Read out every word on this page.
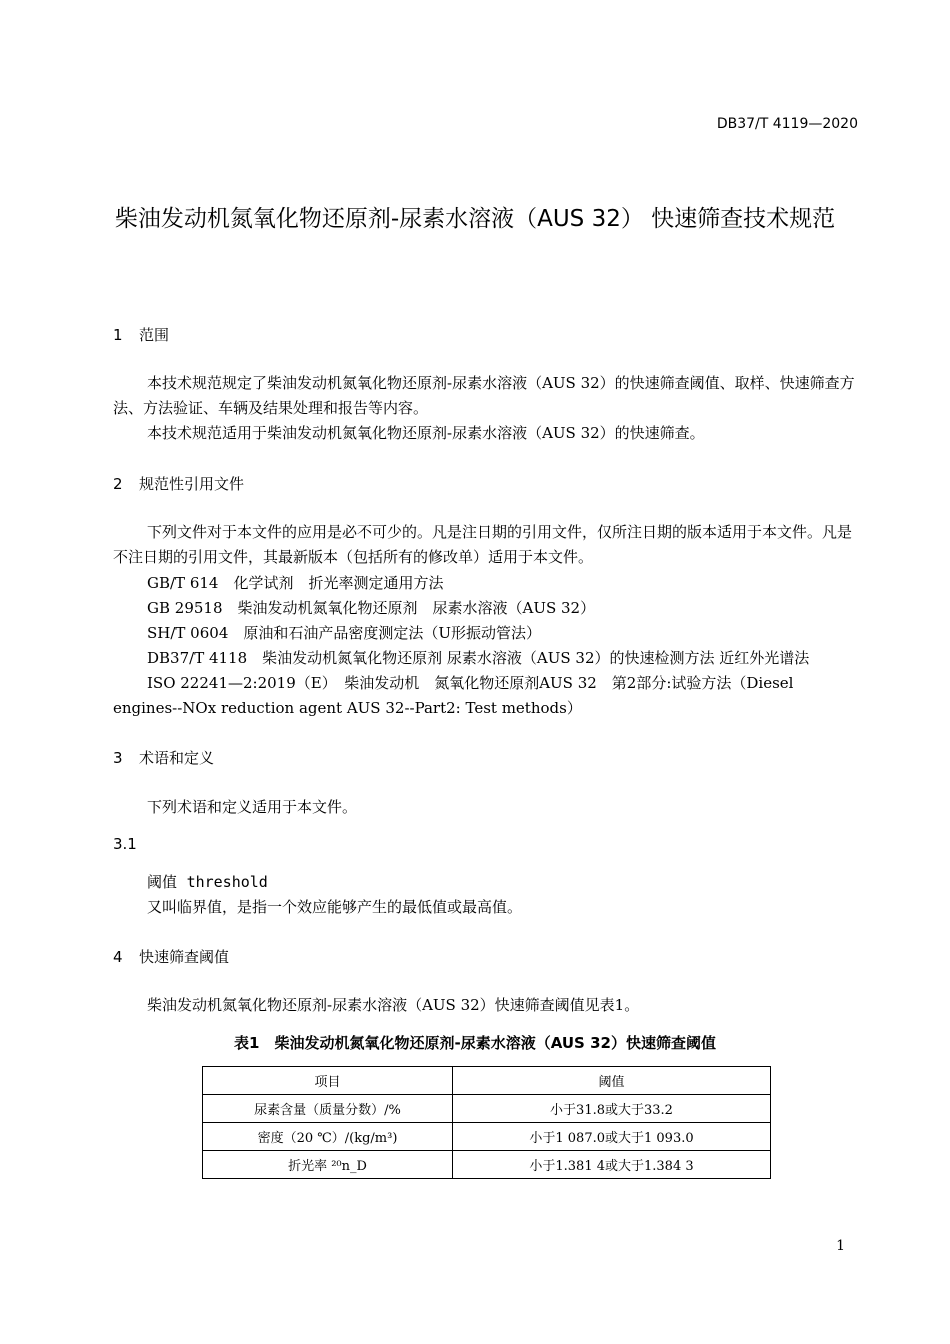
DB37/T 4119—2020
柴油发动机氮氧化物还原剂-尿素水溶液（AUS 32） 快速筛查技术规范
1 范围
本技术规范规定了柴油发动机氮氧化物还原剂-尿素水溶液（AUS 32）的快速筛查阈值、取样、快速筛查方法、方法验证、车辆及结果处理和报告等内容。
本技术规范适用于柴油发动机氮氧化物还原剂-尿素水溶液（AUS 32）的快速筛查。
2 规范性引用文件
下列文件对于本文件的应用是必不可少的。凡是注日期的引用文件，仅所注日期的版本适用于本文件。凡是不注日期的引用文件，其最新版本（包括所有的修改单）适用于本文件。
GB/T 614　化学试剂　折光率测定通用方法
GB 29518　柴油发动机氮氧化物还原剂　尿素水溶液（AUS 32）
SH/T 0604　原油和石油产品密度测定法（U形振动管法）
DB37/T 4118　柴油发动机氮氧化物还原剂 尿素水溶液（AUS 32）的快速检测方法 近红外光谱法
ISO 22241—2:2019（E）　柴油发动机　氮氧化物还原剂AUS 32　第2部分:试验方法（Diesel engines--NOx reduction agent AUS 32--Part2: Test methods）
3 术语和定义
下列术语和定义适用于本文件。
3.1
阈值 threshold
又叫临界值，是指一个效应能够产生的最低值或最高值。
4 快速筛查阈值
柴油发动机氮氧化物还原剂-尿素水溶液（AUS 32）快速筛查阈值见表1。
表1　柴油发动机氮氧化物还原剂-尿素水溶液（AUS 32）快速筛查阈值
项目	阈值
尿素含量（质量分数）/%	小于31.8或大于33.2
密度（20 ℃）/(kg/m³)	小于1 087.0或大于1 093.0
折光率 ²⁰n_D	小于1.381 4或大于1.384 3
1
